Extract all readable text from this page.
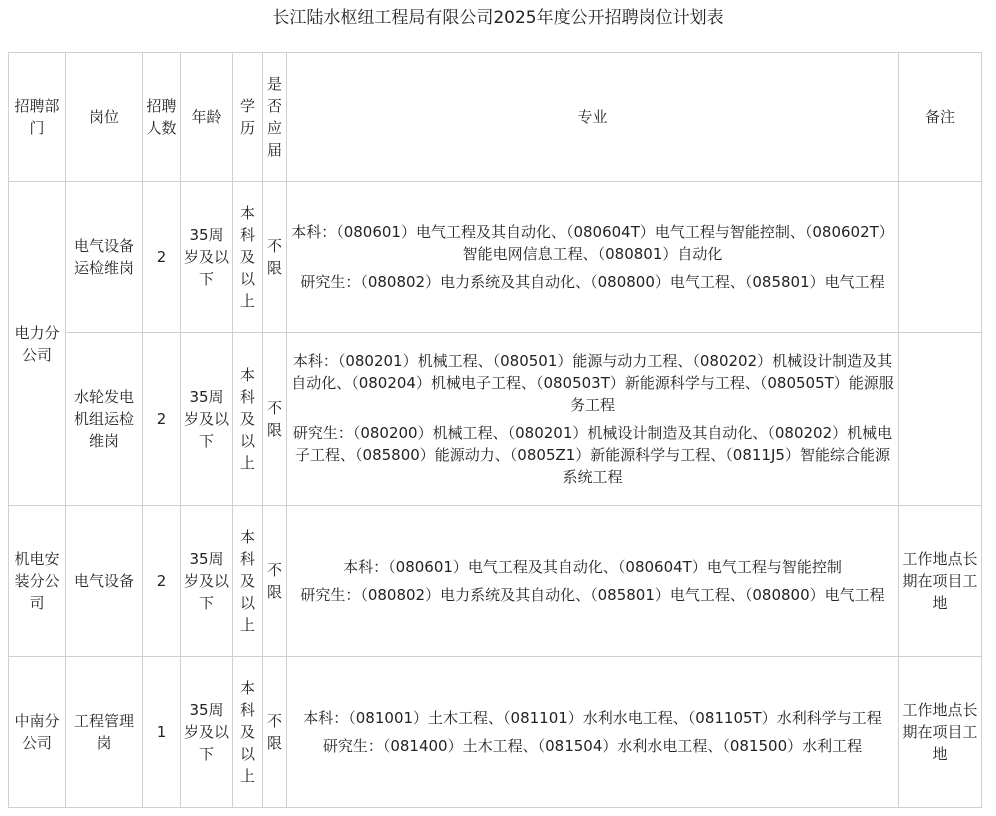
长江陆水枢纽工程局有限公司2025年度公开招聘岗位计划表
招聘部门	岗位	招聘人数	年龄	学历	是否应届	专业	备注
电力分公司	电气设备运检维岗	2	35周岁及以下	本科及以上	不限	本科：（080601）电气工程及其自动化、（080604T）电气工程与智能控制、（080602T）智能电网信息工程、（080801）自动化
研究生：（080802）电力系统及其自动化、（080800）电气工程、（085801）电气工程	

	水轮发电机组运检维岗	2	35周岁及以下	本科及以上	不限	本科：（080201）机械工程、（080501）能源与动力工程、（080202）机械设计制造及其自动化、（080204）机械电子工程、（080503T）新能源科学与工程、（080505T）能源服务工程
研究生：（080200）机械工程、（080201）机械设计制造及其自动化、（080202）机械电子工程、（085800）能源动力、（0805Z1）新能源科学与工程、（0811J5）智能综合能源系统工程	

机电安装分公司	电气设备	2	35周岁及以下	本科及以上	不限	本科：（080601）电气工程及其自动化、（080604T）电气工程与智能控制
研究生：（080802）电力系统及其自动化、（085801）电气工程、（080800）电气工程	工作地点长期在项目工地
中南分公司	工程管理岗	1	35周岁及以下	本科及以上	不限	本科：（081001）土木工程、（081101）水利水电工程、（081105T）水利科学与工程
研究生：（081400）土木工程、（081504）水利水电工程、（081500）水利工程	工作地点长期在项目工地
